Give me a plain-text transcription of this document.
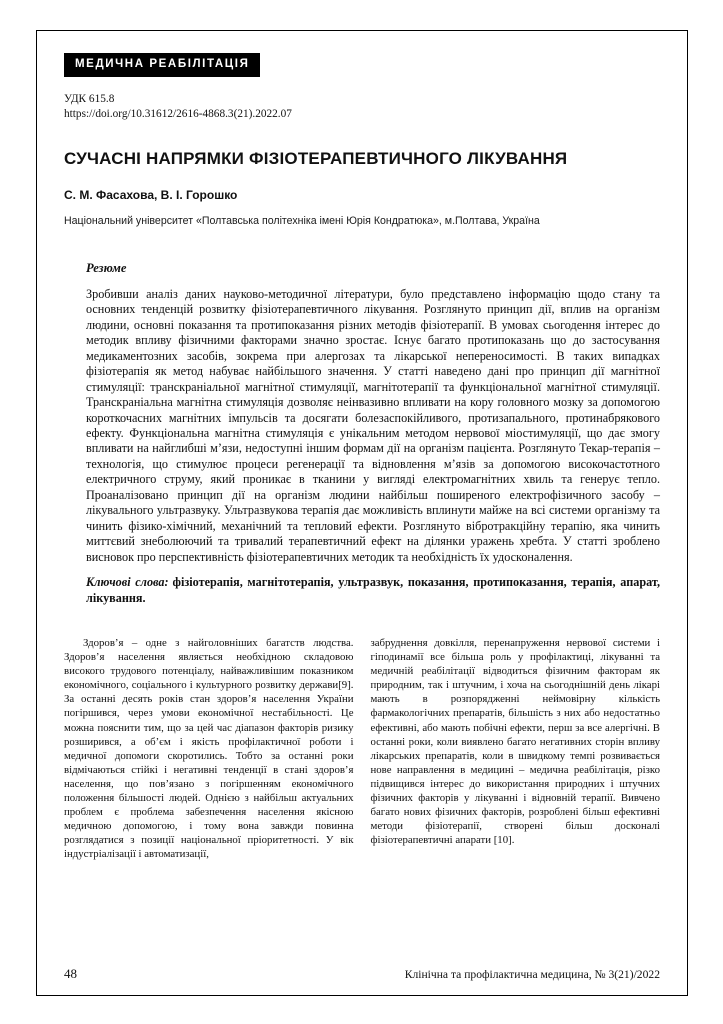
МЕДИЧНА РЕАБІЛІТАЦІЯ
УДК 615.8
https://doi.org/10.31612/2616-4868.3(21).2022.07
СУЧАСНІ НАПРЯМКИ ФІЗІОТЕРАПЕВТИЧНОГО ЛІКУВАННЯ
С. М. Фасахова, В. І. Горошко
Національний університет «Полтавська політехніка імені Юрія Кондратюка», м.Полтава, Україна
Резюме

Зробивши аналіз даних науково-методичної літератури, було представлено інформацію щодо стану та основних тенденцій розвитку фізіотерапевтичного лікування. Розглянуто принцип дії, вплив на організм людини, основні показання та протипоказання різних методів фізіотерапії. В умовах сьогодення інтерес до методик впливу фізичними факторами значно зростає. Існує багато протипоказань що до застосування медикаментозних засобів, зокрема при алергозах та лікарської непереносимості. В таких випадках фізіотерапія як метод набуває найбільшого значення. У статті наведено дані про принцип дії магнітної стимуляції: транскраніальної магнітної стимуляції, магнітотерапії та функціональної магнітної стимуляції. Транскраніальна магнітна стимуляція дозволяє неінвазивно впливати на кору головного мозку за допомогою короткочасних магнітних імпульсів та досягати болезаспокійливого, протизапального, протинабрякового ефекту. Функціональна магнітна стимуляція є унікальним методом нервової міостимуляції, що дає змогу впливати на найглибші м’язи, недоступні іншим формам дії на організм пацієнта. Розглянуто Текар-терапія – технологія, що стимулює процеси регенерації та відновлення м’язів за допомогою високочастотного електричного струму, який проникає в тканини у вигляді електромагнітних хвиль та генерує тепло. Проаналізовано принцип дії на організм людини найбільш поширеного електрофізичного засобу – лікувального ультразвуку. Ультразвукова терапія дає можливість вплинути майже на всі системи організму та чинить фізико-хімічний, механічний та тепловий ефекти. Розглянуто вібротракційну терапію, яка чинить миттєвий знеболюючий та тривалий терапевтичний ефект на ділянки уражень хребта. У статті зроблено висновок про перспективність фізіотерапевтичних методик та необхідність їх удосконалення.

Ключові слова: фізіотерапія, магнітотерапія, ультразвук, показання, протипоказання, терапія, апарат, лікування.

Здоров’я – одне з найголовніших багатств людства. Здоров’я населення являється необхідною складовою високого трудового потенціалу, найважливішим показником економічного, соціального і культурного розвитку держави[9]. За останні десять років стан здоров’я населення України погіршився, через умови економічної нестабільності. Це можна пояснити тим, що за цей час діапазон факторів ризику розширився, а об’єм і якість профілактичної роботи і медичної допомоги скоротились. Тобто за останні роки відмічаються стійкі і негативні тенденції в стані здоров’я населення, що пов’язано з погіршенням економічного положення більшості людей. Однією з найбільш актуальних проблем є проблема забезпечення населення якісною медичною допомогою, і тому вона завжди повинна розглядатися з позиції національної пріоритетності. У вік індустріалізації і автоматизації,
забруднення довкілля, перенапруження нервової системи і гіподинамії все більша роль у профілактиці, лікуванні та медичній реабілітації відводиться фізичним факторам як природним, так і штучним, і хоча на сьогоднішній день лікарі мають в розпорядженні неймовірну кількість фармакологічних препаратів, більшість з них або недостатньо ефективні, або мають побічні ефекти, перш за все алергічні. В останні роки, коли виявлено багато негативних сторін впливу лікарських препаратів, коли в швидкому темпі розвивається нове направлення в медицині – медична реабілітація, різко підвищився інтерес до використання природних і штучних фізичних факторів у лікуванні і відновній терапії. Вивчено багато нових фізичних факторів, розроблені більш ефективні методи фізіотерапії, створені більш досконалі фізіотерапевтичні апарати [10].
48	Клінічна та профілактична медицина, № 3(21)/2022
